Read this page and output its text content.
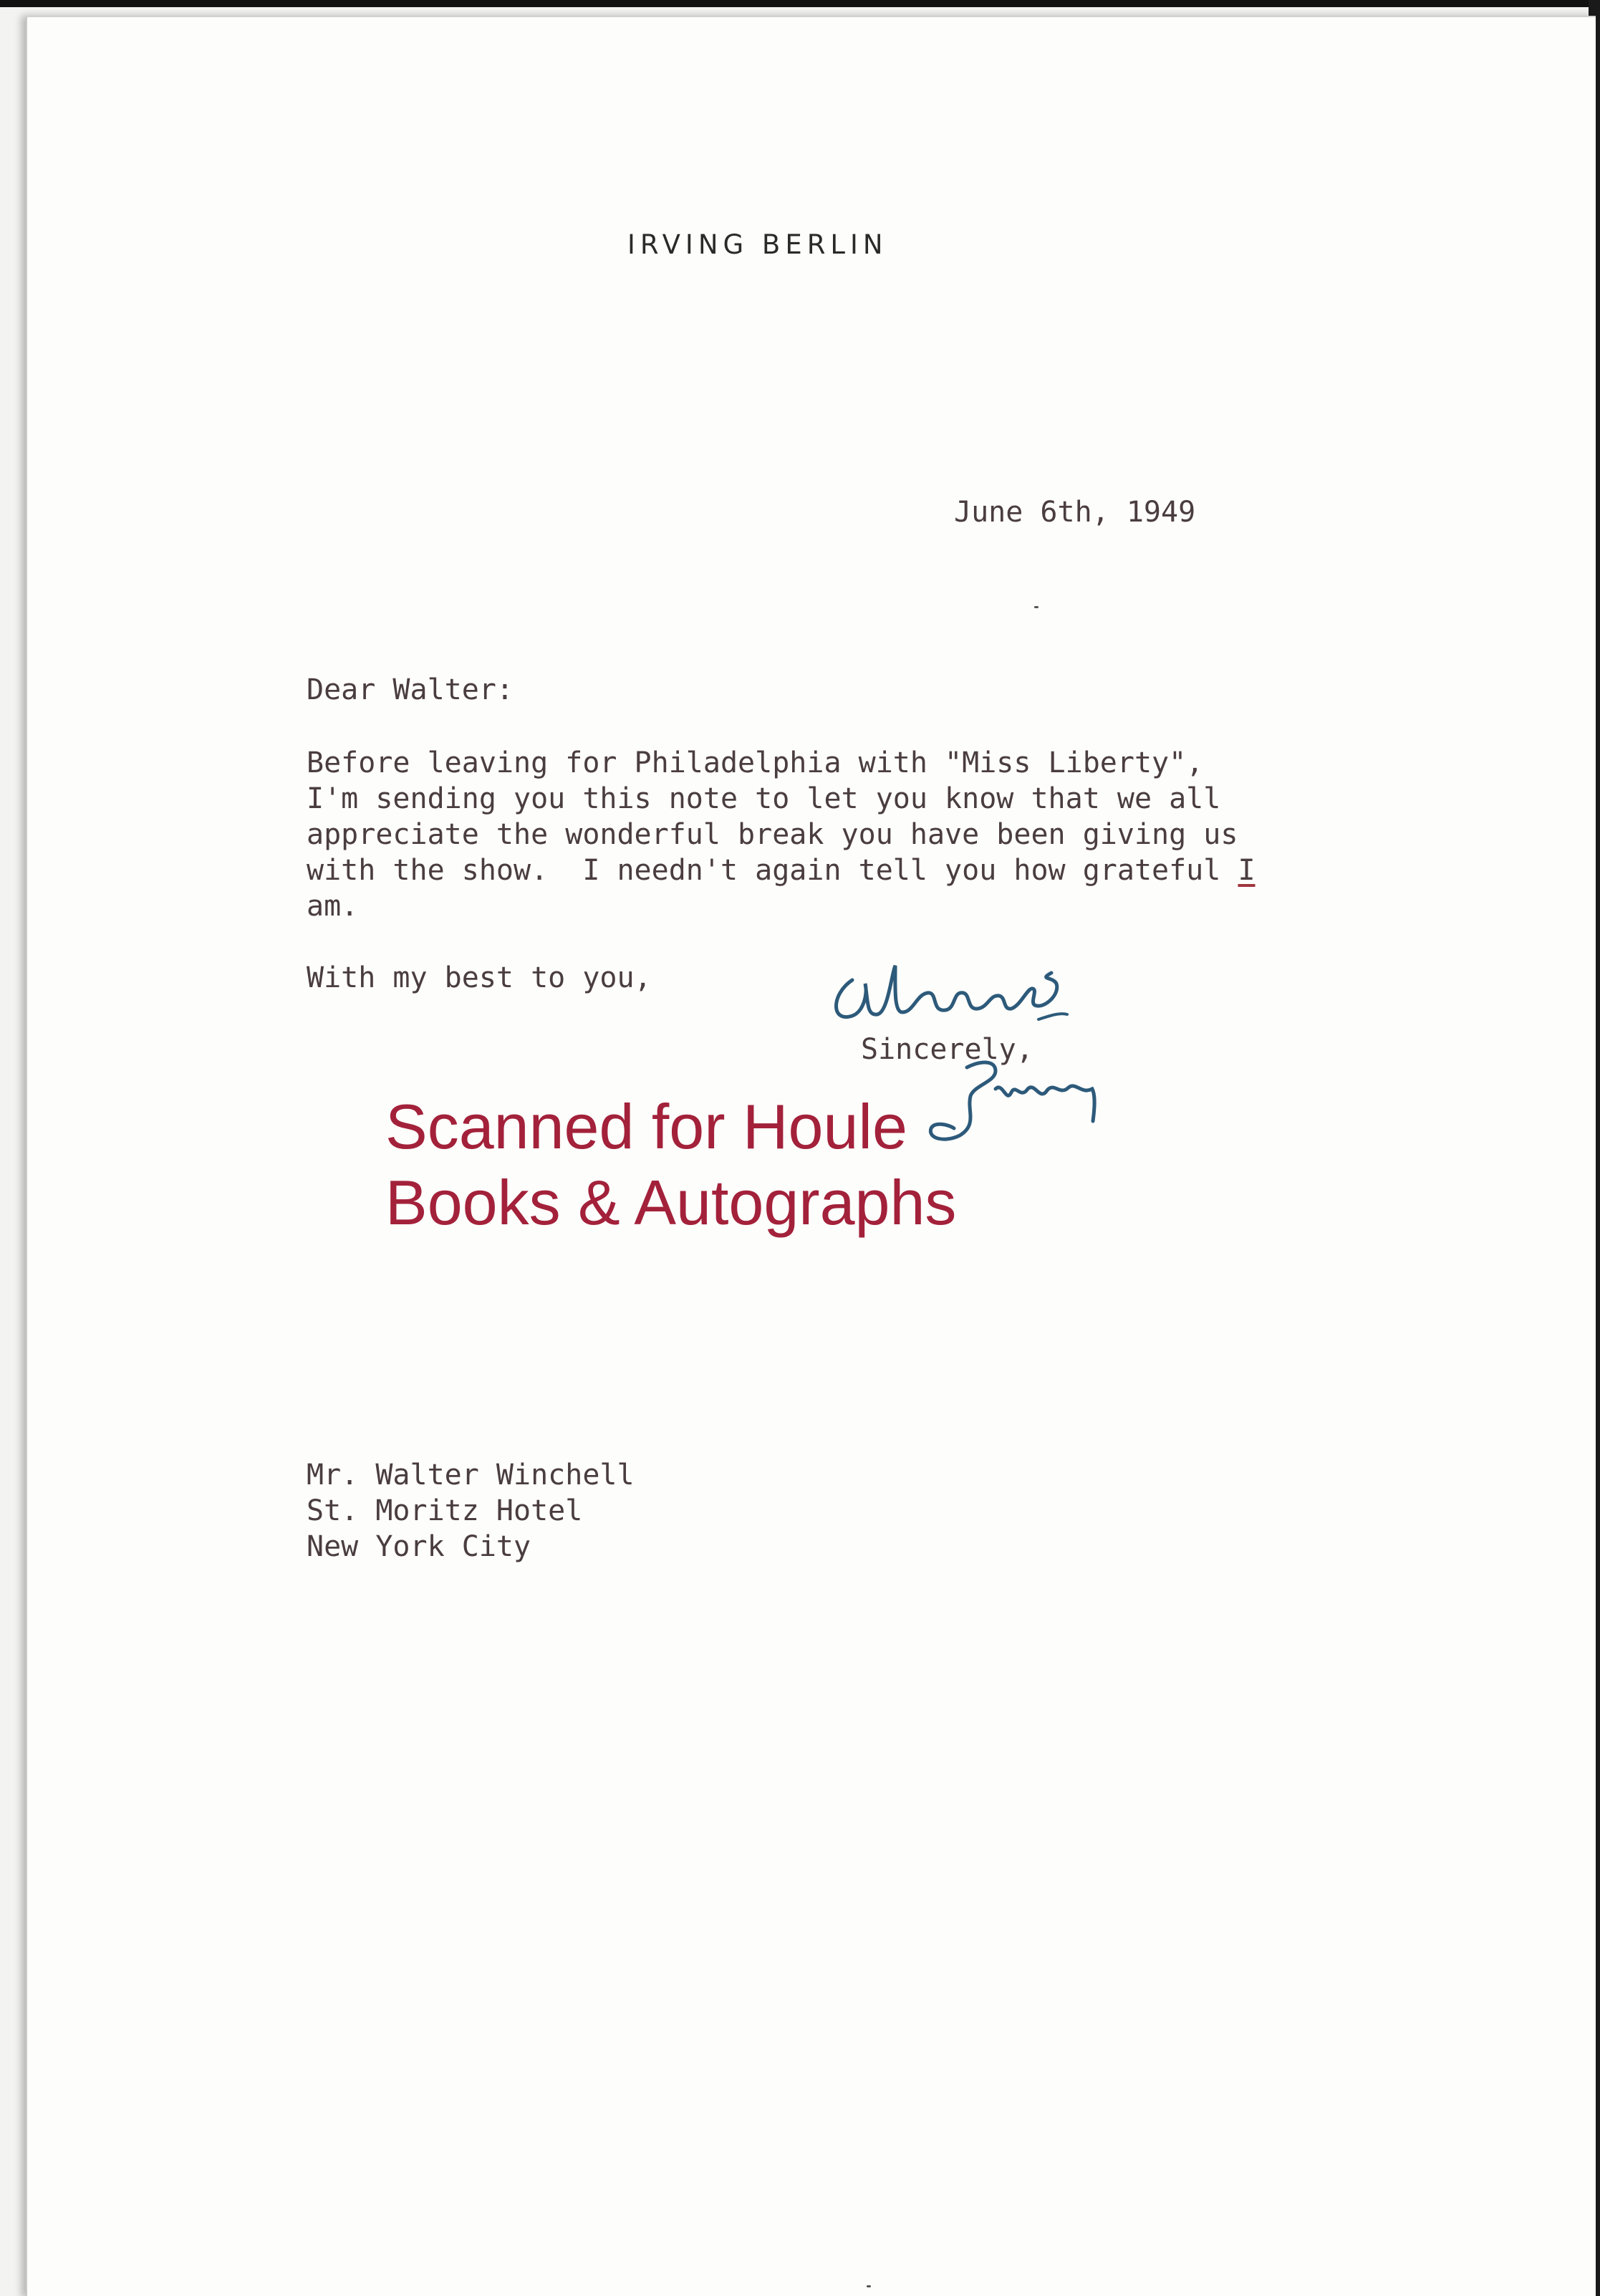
IRVING BERLIN
June 6th, 1949
Dear Walter:
Before leaving for Philadelphia with "Miss Liberty",
I'm sending you this note to let you know that we all
appreciate the wonderful break you have been giving us
with the show.  I needn't again tell you how grateful I
am.
With my best to you,
Sincerely,
Scanned for Houle
Books & Autographs
Mr. Walter Winchell
St. Moritz Hotel
New York City
